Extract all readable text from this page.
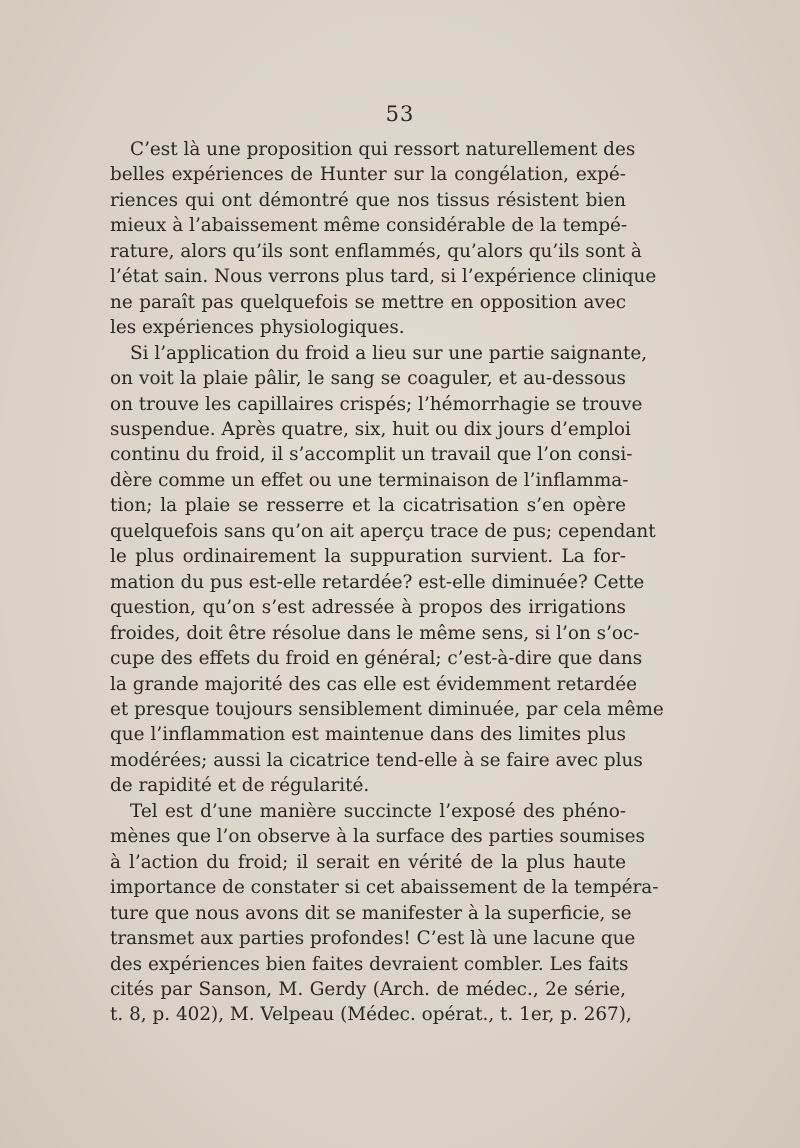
53
C’est là une proposition qui ressort naturellement des
belles expériences de Hunter sur la congélation, expé-
riences qui ont démontré que nos tissus résistent bien
mieux à l’abaissement même considérable de la tempé-
rature, alors qu’ils sont enflammés, qu’alors qu’ils sont à
l’état sain. Nous verrons plus tard, si l’expérience clinique
ne paraît pas quelquefois se mettre en opposition avec
les expériences physiologiques.
Si l’application du froid a lieu sur une partie saignante,
on voit la plaie pâlir, le sang se coaguler, et au-dessous
on trouve les capillaires crispés; l’hémorrhagie se trouve
suspendue. Après quatre, six, huit ou dix jours d’emploi
continu du froid, il s’accomplit un travail que l’on consi-
dère comme un effet ou une terminaison de l’inflamma-
tion; la plaie se resserre et la cicatrisation s’en opère
quelquefois sans qu’on ait aperçu trace de pus; cependant
le plus ordinairement la suppuration survient. La for-
mation du pus est-elle retardée? est-elle diminuée? Cette
question, qu’on s’est adressée à propos des irrigations
froides, doit être résolue dans le même sens, si l’on s’oc-
cupe des effets du froid en général; c’est-à-dire que dans
la grande majorité des cas elle est évidemment retardée
et presque toujours sensiblement diminuée, par cela même
que l’inflammation est maintenue dans des limites plus
modérées; aussi la cicatrice tend-elle à se faire avec plus
de rapidité et de régularité.
Tel est d’une manière succincte l’exposé des phéno-
mènes que l’on observe à la surface des parties soumises
à l’action du froid; il serait en vérité de la plus haute
importance de constater si cet abaissement de la tempéra-
ture que nous avons dit se manifester à la superficie, se
transmet aux parties profondes! C’est là une lacune que
des expériences bien faites devraient combler. Les faits
cités par Sanson, M. Gerdy (Arch. de médec., 2e série,
t. 8, p. 402), M. Velpeau (Médec. opérat., t. 1er, p. 267),
